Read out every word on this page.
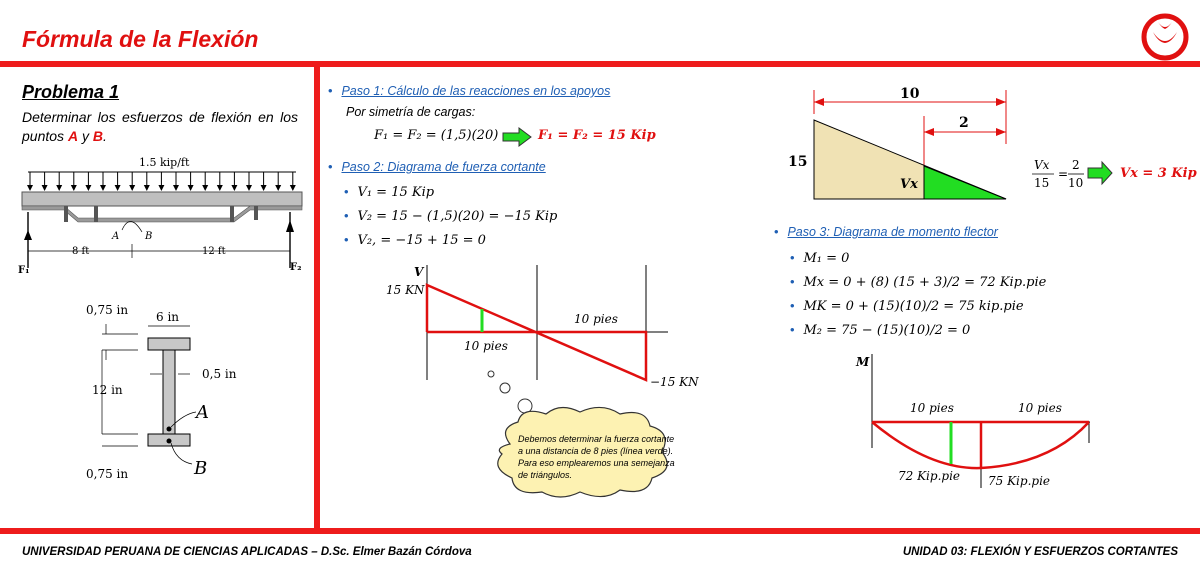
Fórmula de la Flexión
Problema 1
Determinar los esfuerzos de flexión en los puntos A y B.
1.5 kip/ft
A	B
8 ft	12 ft
F₁	F₂
0,75 in 6 in
0,5 in
12 in
0,75 in
A
B
• Paso 1: Cálculo de las reacciones en los apoyos
Por simetría de cargas:
F₁ = F₂ = (1,5)(20)	F₁ = F₂ = 15 Kip
• Paso 2: Diagrama de fuerza cortante
• V₁ = 15 Kip
• V₂ = 15 − (1,5)(20) = −15 Kip
• V₂, = −15 + 15 = 0
V
15 KN
10 pies
10 pies
−15 KN
Debemos determinar la fuerza cortante a una distancia de 8 pies (línea verde). Para eso emplearemos una semejanza de triángulos.
10
2
15
Vx
Vx
15
=
2
10
Vx = 3 Kip
• Paso 3: Diagrama de momento flector
• M₁ = 0
• Mx = 0 + (8) (15 + 3)/2 = 72 Kip.pie
• MK = 0 + (15)(10)/2 = 75 kip.pie
• M₂ = 75 − (15)(10)/2 = 0
M
10 pies	10 pies
72 Kip.pie 75 Kip.pie
UNIVERSIDAD PERUANA DE CIENCIAS APLICADAS – D.Sc. Elmer Bazán Córdova	UNIDAD 03: FLEXIÓN Y ESFUERZOS CORTANTES
